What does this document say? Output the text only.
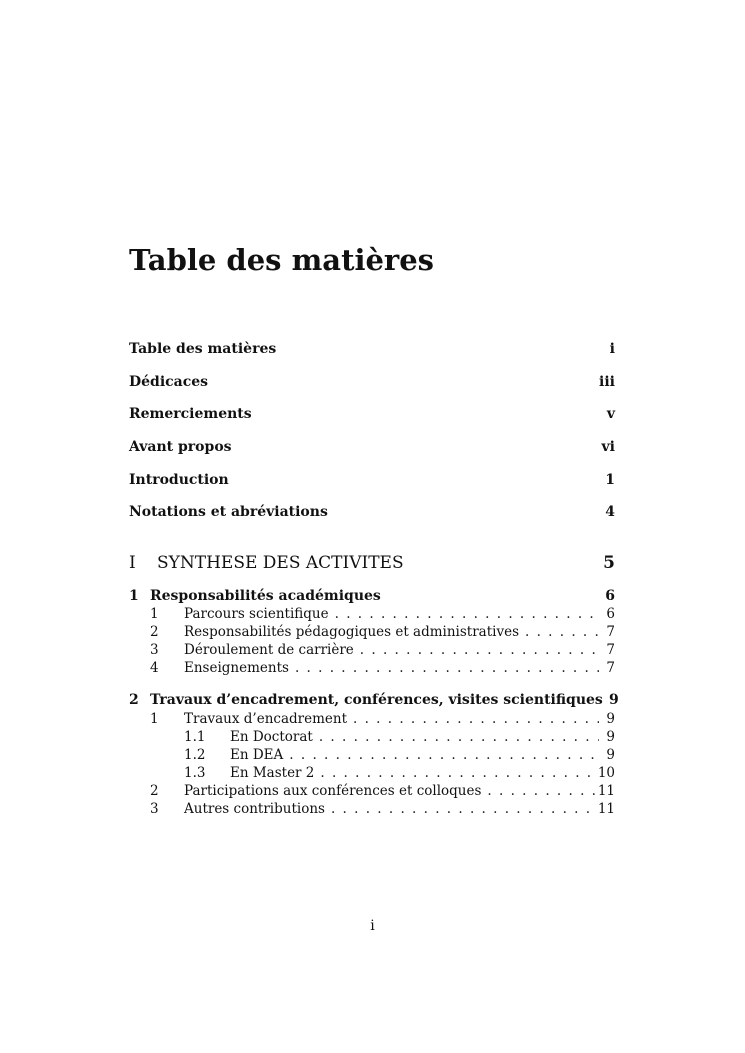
Table des matières
Table des matières	i
Dédicaces	iii
Remerciements	v
Avant propos	vi
Introduction	1
Notations et abréviations	4
I	SYNTHESE DES ACTIVITES	5
1 Responsabilités académiques	6
1	Parcours scientifique . . .	6
2	Responsabilités pédagogiques et administratives . . .	7
3	Déroulement de carrière . . .	7
4	Enseignements . . .	7
2 Travaux d’encadrement, conférences, visites scientifiques 9
1	Travaux d’encadrement . . .	9
1.1	En Doctorat . . .	9
1.2	En DEA . . .	9
1.3	En Master 2 . . .	10
2	Participations aux conférences et colloques . . .	11
3	Autres contributions . . .	11
i
